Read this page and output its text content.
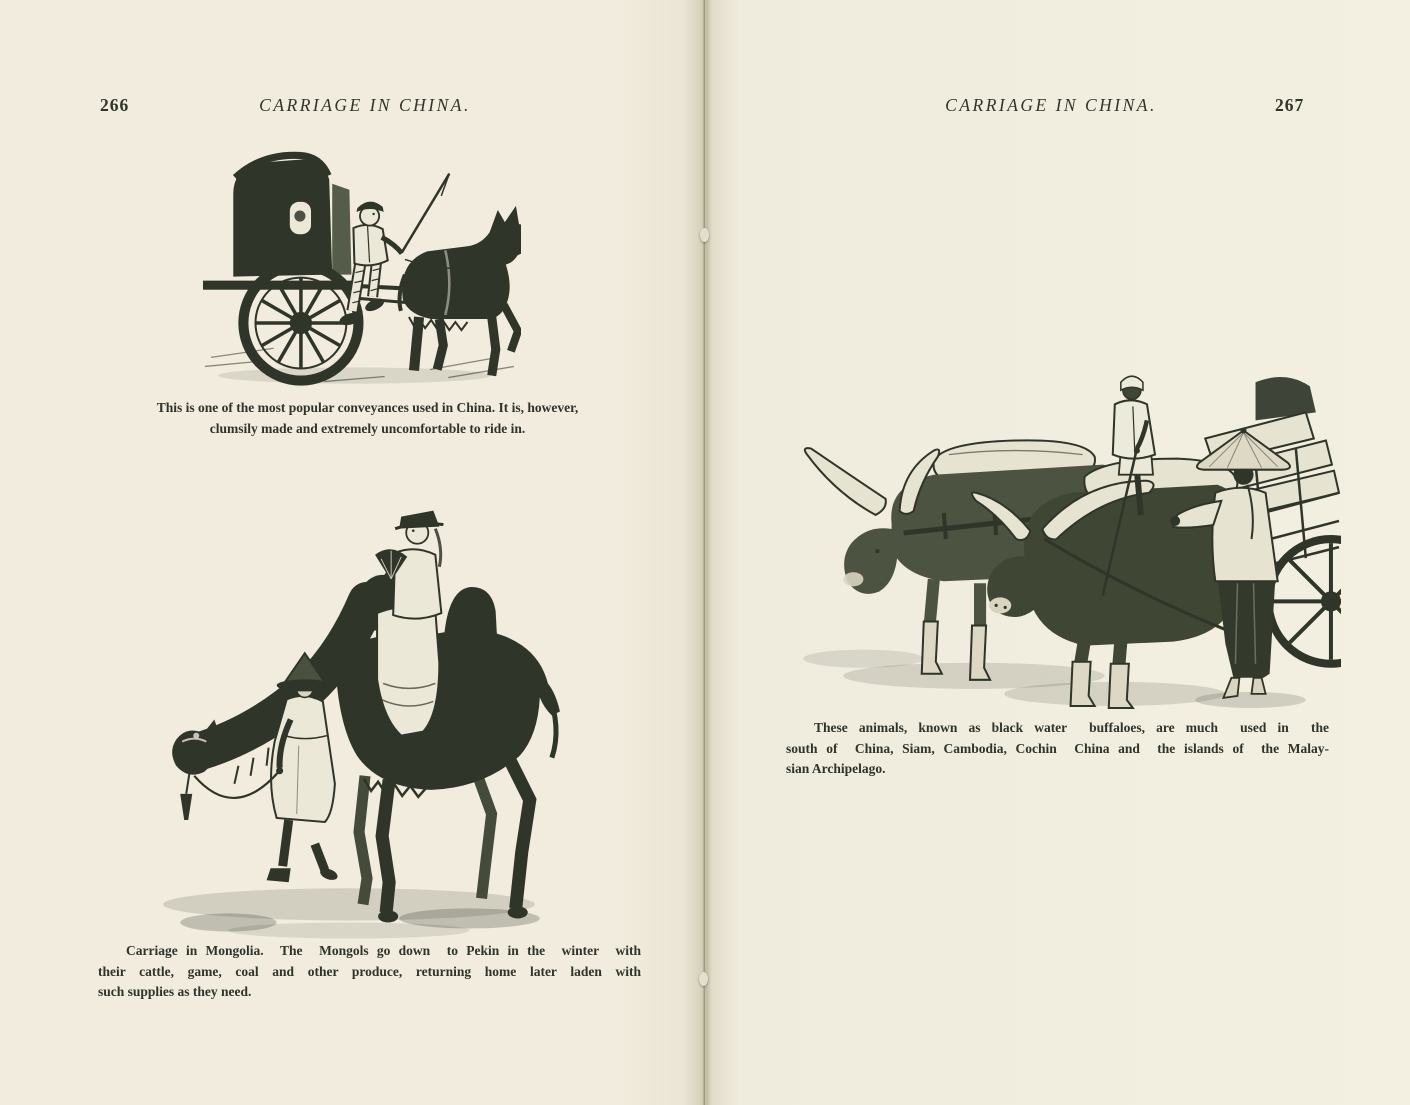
266	CARRIAGE IN CHINA.
This is one of the most popular conveyances used in China. It is, however,
clumsily made and extremely uncomfortable to ride in.
Carriage in Mongolia.  The  Mongols go down  to Pekin in the  winter  with
their  cattle,  game,  coal  and  other  produce,  returning  home  later  laden  with
such supplies as they need.
CARRIAGE IN CHINA.	267
These animals, known as black water  buffaloes, are much  used in  the
south of  China, Siam, Cambodia, Cochin  China and  the islands of  the Malay-
sian Archipelago.
